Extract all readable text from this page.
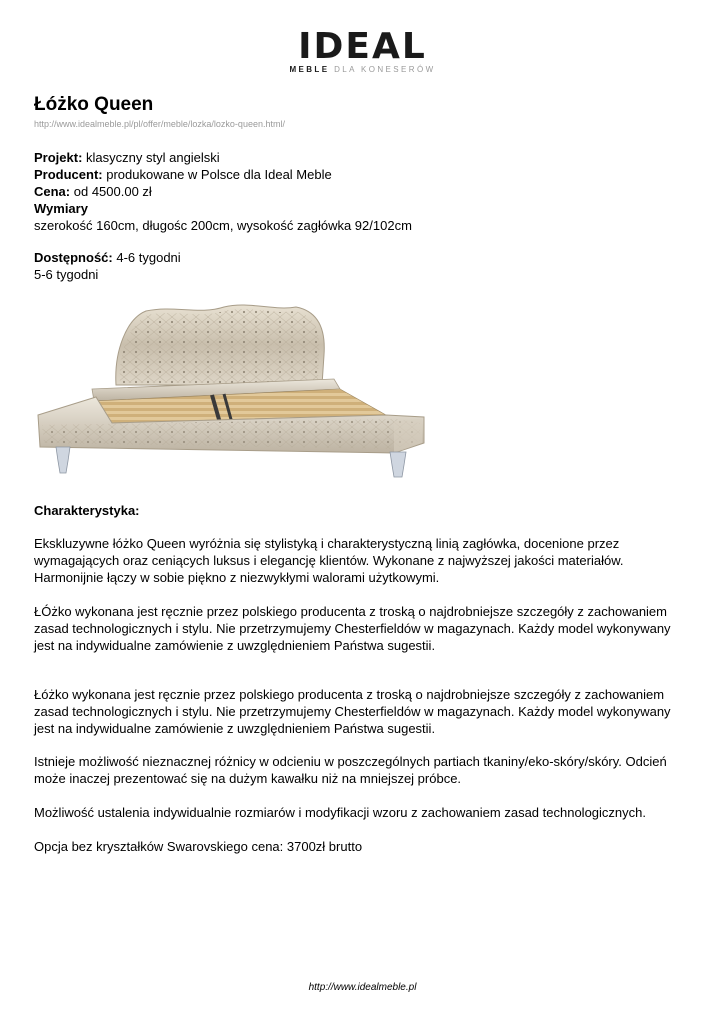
IDEAL
MEBLE DLA KONESERÓW
Łóżko Queen
http://www.idealmeble.pl/pl/offer/meble/lozka/lozko-queen.html/
Projekt: klasyczny styl angielski
Producent: produkowane w Polsce dla Ideal Meble
Cena: od 4500.00 zł
Wymiary
szerokość 160cm, długośc 200cm, wysokość zagłówka 92/102cm
Dostępność: 4-6 tygodni
5-6 tygodni
Charakterystyka:

Ekskluzywne łóżko Queen wyróżnia się stylistyką i charakterystyczną linią zagłówka, docenione przez wymagających oraz ceniących luksus i elegancję klientów. Wykonane z najwyższej jakości materiałów. Harmonijnie łączy w sobie piękno z niezwykłymi walorami użytkowymi.

ŁÓżko wykonana jest ręcznie przez polskiego producenta z troską o najdrobniejsze szczegóły z zachowaniem zasad technologicznych i stylu. Nie przetrzymujemy Chesterfieldów w magazynach. Każdy model wykonywany jest na indywidualne zamówienie z uwzględnieniem Państwa sugestii.

Łóżko wykonana jest ręcznie przez polskiego producenta z troską o najdrobniejsze szczegóły z zachowaniem zasad technologicznych i stylu. Nie przetrzymujemy Chesterfieldów w magazynach. Każdy model wykonywany jest na indywidualne zamówienie z uwzględnieniem Państwa sugestii.

Istnieje możliwość nieznacznej różnicy w odcieniu w poszczególnych partiach tkaniny/eko-skóry/skóry. Odcień może inaczej prezentować się na dużym kawałku niż na mniejszej próbce.

Możliwość ustalenia indywidualnie rozmiarów i modyfikacji wzoru z zachowaniem zasad technologicznych.

Opcja bez kryształków Swarovskiego cena: 3700zł brutto

http://www.idealmeble.pl
